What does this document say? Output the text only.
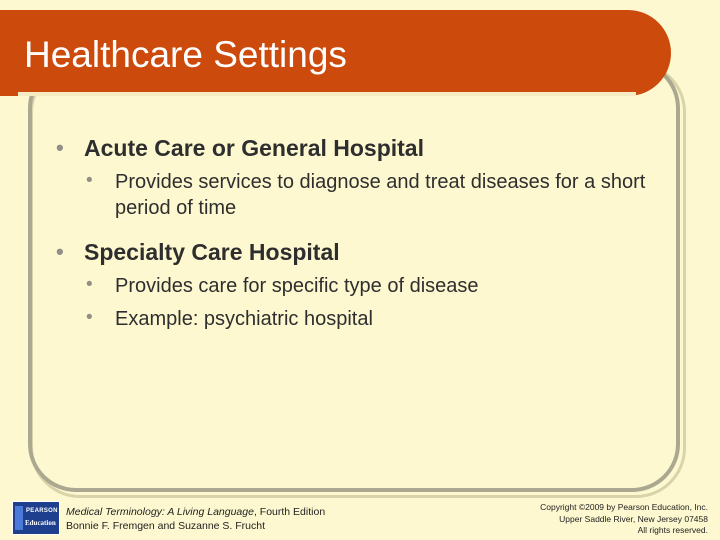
Healthcare Settings
• Acute Care or General Hospital
• Provides services to diagnose and treat diseases for a short period of time
• Specialty Care Hospital
• Provides care for specific type of disease
• Example: psychiatric hospital
PEARSON
Education
Medical Terminology: A Living Language, Fourth Edition
Bonnie F. Fremgen and Suzanne S. Frucht
Copyright ©2009 by Pearson Education, Inc.
Upper Saddle River, New Jersey 07458
All rights reserved.
